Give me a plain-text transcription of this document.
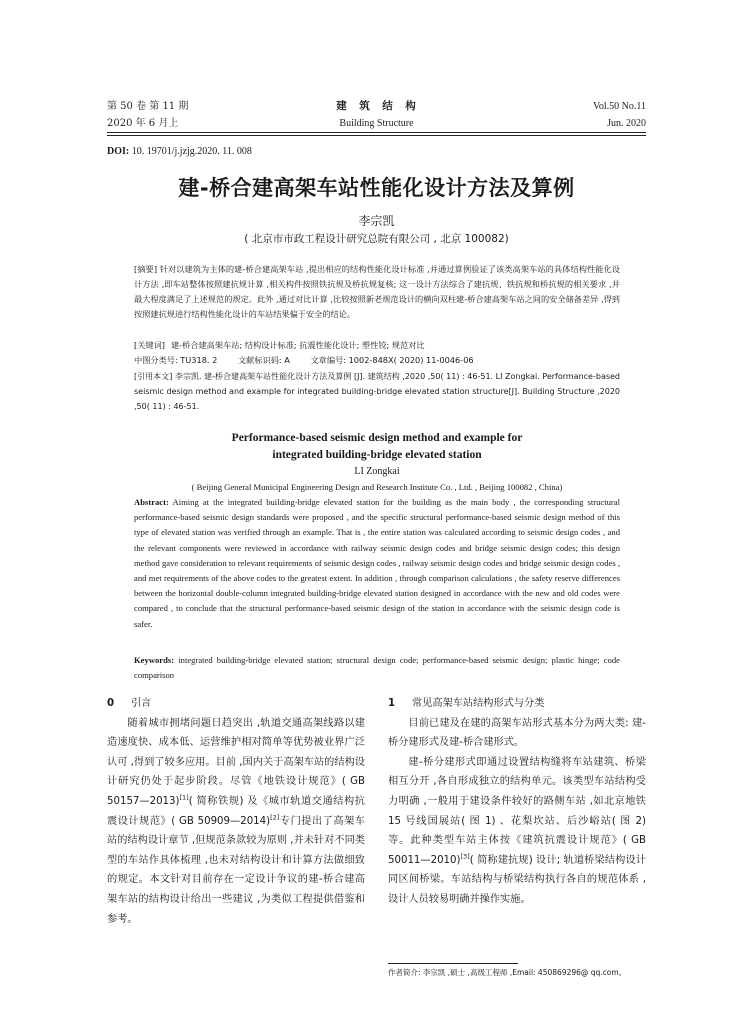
第 50 卷 第 11 期
2020 年 6 月上
建　筑　结　构
Building Structure
Vol.50 No.11
Jun. 2020
DOI: 10. 19701/j.jzjg.2020. 11. 008
建-桥合建高架车站性能化设计方法及算例
李宗凯
( 北京市市政工程设计研究总院有限公司 , 北京 100082)
[摘要] 针对以建筑为主体的建-桥合建高架车站 ,提出相应的结构性能化设计标准 ,并通过算例验证了该类高架车站的具体结构性能化设计方法 ,即车站整体按照建抗规计算 ,相关构件按照铁抗规及桥抗规复核; 这一设计方法综合了建抗规、铁抗规和桥抗规的相关要求 ,并最大程度满足了上述规范的规定。此外 ,通过对比计算 ,比较按照新老规范设计的横向双柱建-桥合建高架车站之间的安全储备差异 ,得到按照建抗规进行结构性能化设计的车站结果偏于安全的结论。
[关键词] 建-桥合建高架车站; 结构设计标准; 抗震性能化设计; 塑性铰; 规范对比
中图分类号: TU318. 2	文献标识码: A	文章编号: 1002-848X( 2020) 11-0046-06
[引用本文] 李宗凯. 建-桥合建高架车站性能化设计方法及算例 [J]. 建筑结构 ,2020 ,50( 11) : 46-51. LI Zongkai. Performance-based seismic design method and example for integrated building-bridge elevated station structure[J]. Building Structure ,2020 ,50( 11) : 46-51.
Performance-based seismic design method and example for
integrated building-bridge elevated station
LI Zongkai
( Beijing General Municipal Engineering Design and Research Institute Co. , Ltd. , Beijing 100082 , China)
Abstract: Aiming at the integrated building-bridge elevated station for the building as the main body , the corresponding structural performance-based seismic design standards were proposed , and the specific structural performance-based seismic design method of this type of elevated station was verified through an example. That is , the entire station was calculated according to seismic design codes , and the relevant components were reviewed in accordance with railway seismic design codes and bridge seismic design codes; this design method gave consideration to relevant requirements of seismic design codes , railway seismic design codes and bridge seismic design codes , and met requirements of the above codes to the greatest extent. In addition , through comparison calculations , the safety reserve differences between the horizontal double-column integrated building-bridge elevated station designed in accordance with the new and old codes were compared , to conclude that the structural performance-based seismic design of the station in accordance with the seismic design code is safer.
Keywords: integrated building-bridge elevated station; structural design code; performance-based seismic design; plastic hinge; code comparison
0 引言

随着城市拥堵问题日趋突出 ,轨道交通高架线路以建造速度快、成本低、运营维护相对简单等优势被业界广泛认可 ,得到了较多应用。目前 ,国内关于高架车站的结构设计研究仍处于起步阶段。尽管《地铁设计规范》( GB 50157—2013)[1]( 简称铁规) 及《城市轨道交通结构抗震设计规范》( GB 50909—2014)[2]专门提出了高架车站的结构设计章节 ,但规范条款较为原则 ,并未针对不同类型的车站作具体梳理 ,也未对结构设计和计算方法做细致的规定。本文针对目前存在一定设计争议的建-桥合建高架车站的结构设计给出一些建议 ,为类似工程提供借鉴和参考。

1 常见高架车站结构形式与分类

目前已建及在建的高架车站形式基本分为两大类: 建-桥分建形式及建-桥合建形式。

建-桥分建形式即通过设置结构缝将车站建筑、桥梁相互分开 ,各自形成独立的结构单元。该类型车站结构受力明确 ,一般用于建设条件较好的路侧车站 ,如北京地铁 15 号线国展站( 图 1) 、花梨坎站、后沙峪站( 图 2) 等。此种类型车站主体按《建筑抗震设计规范》( GB 50011—2010)[3]( 简称建抗规) 设计; 轨道桥梁结构设计同区间桥梁。车站结构与桥梁结构执行各自的规范体系 ,设计人员较易明确并操作实施。

作者简介: 李宗凯 ,硕士 ,高级工程师 ,Email: 450869296@ qq.com。
